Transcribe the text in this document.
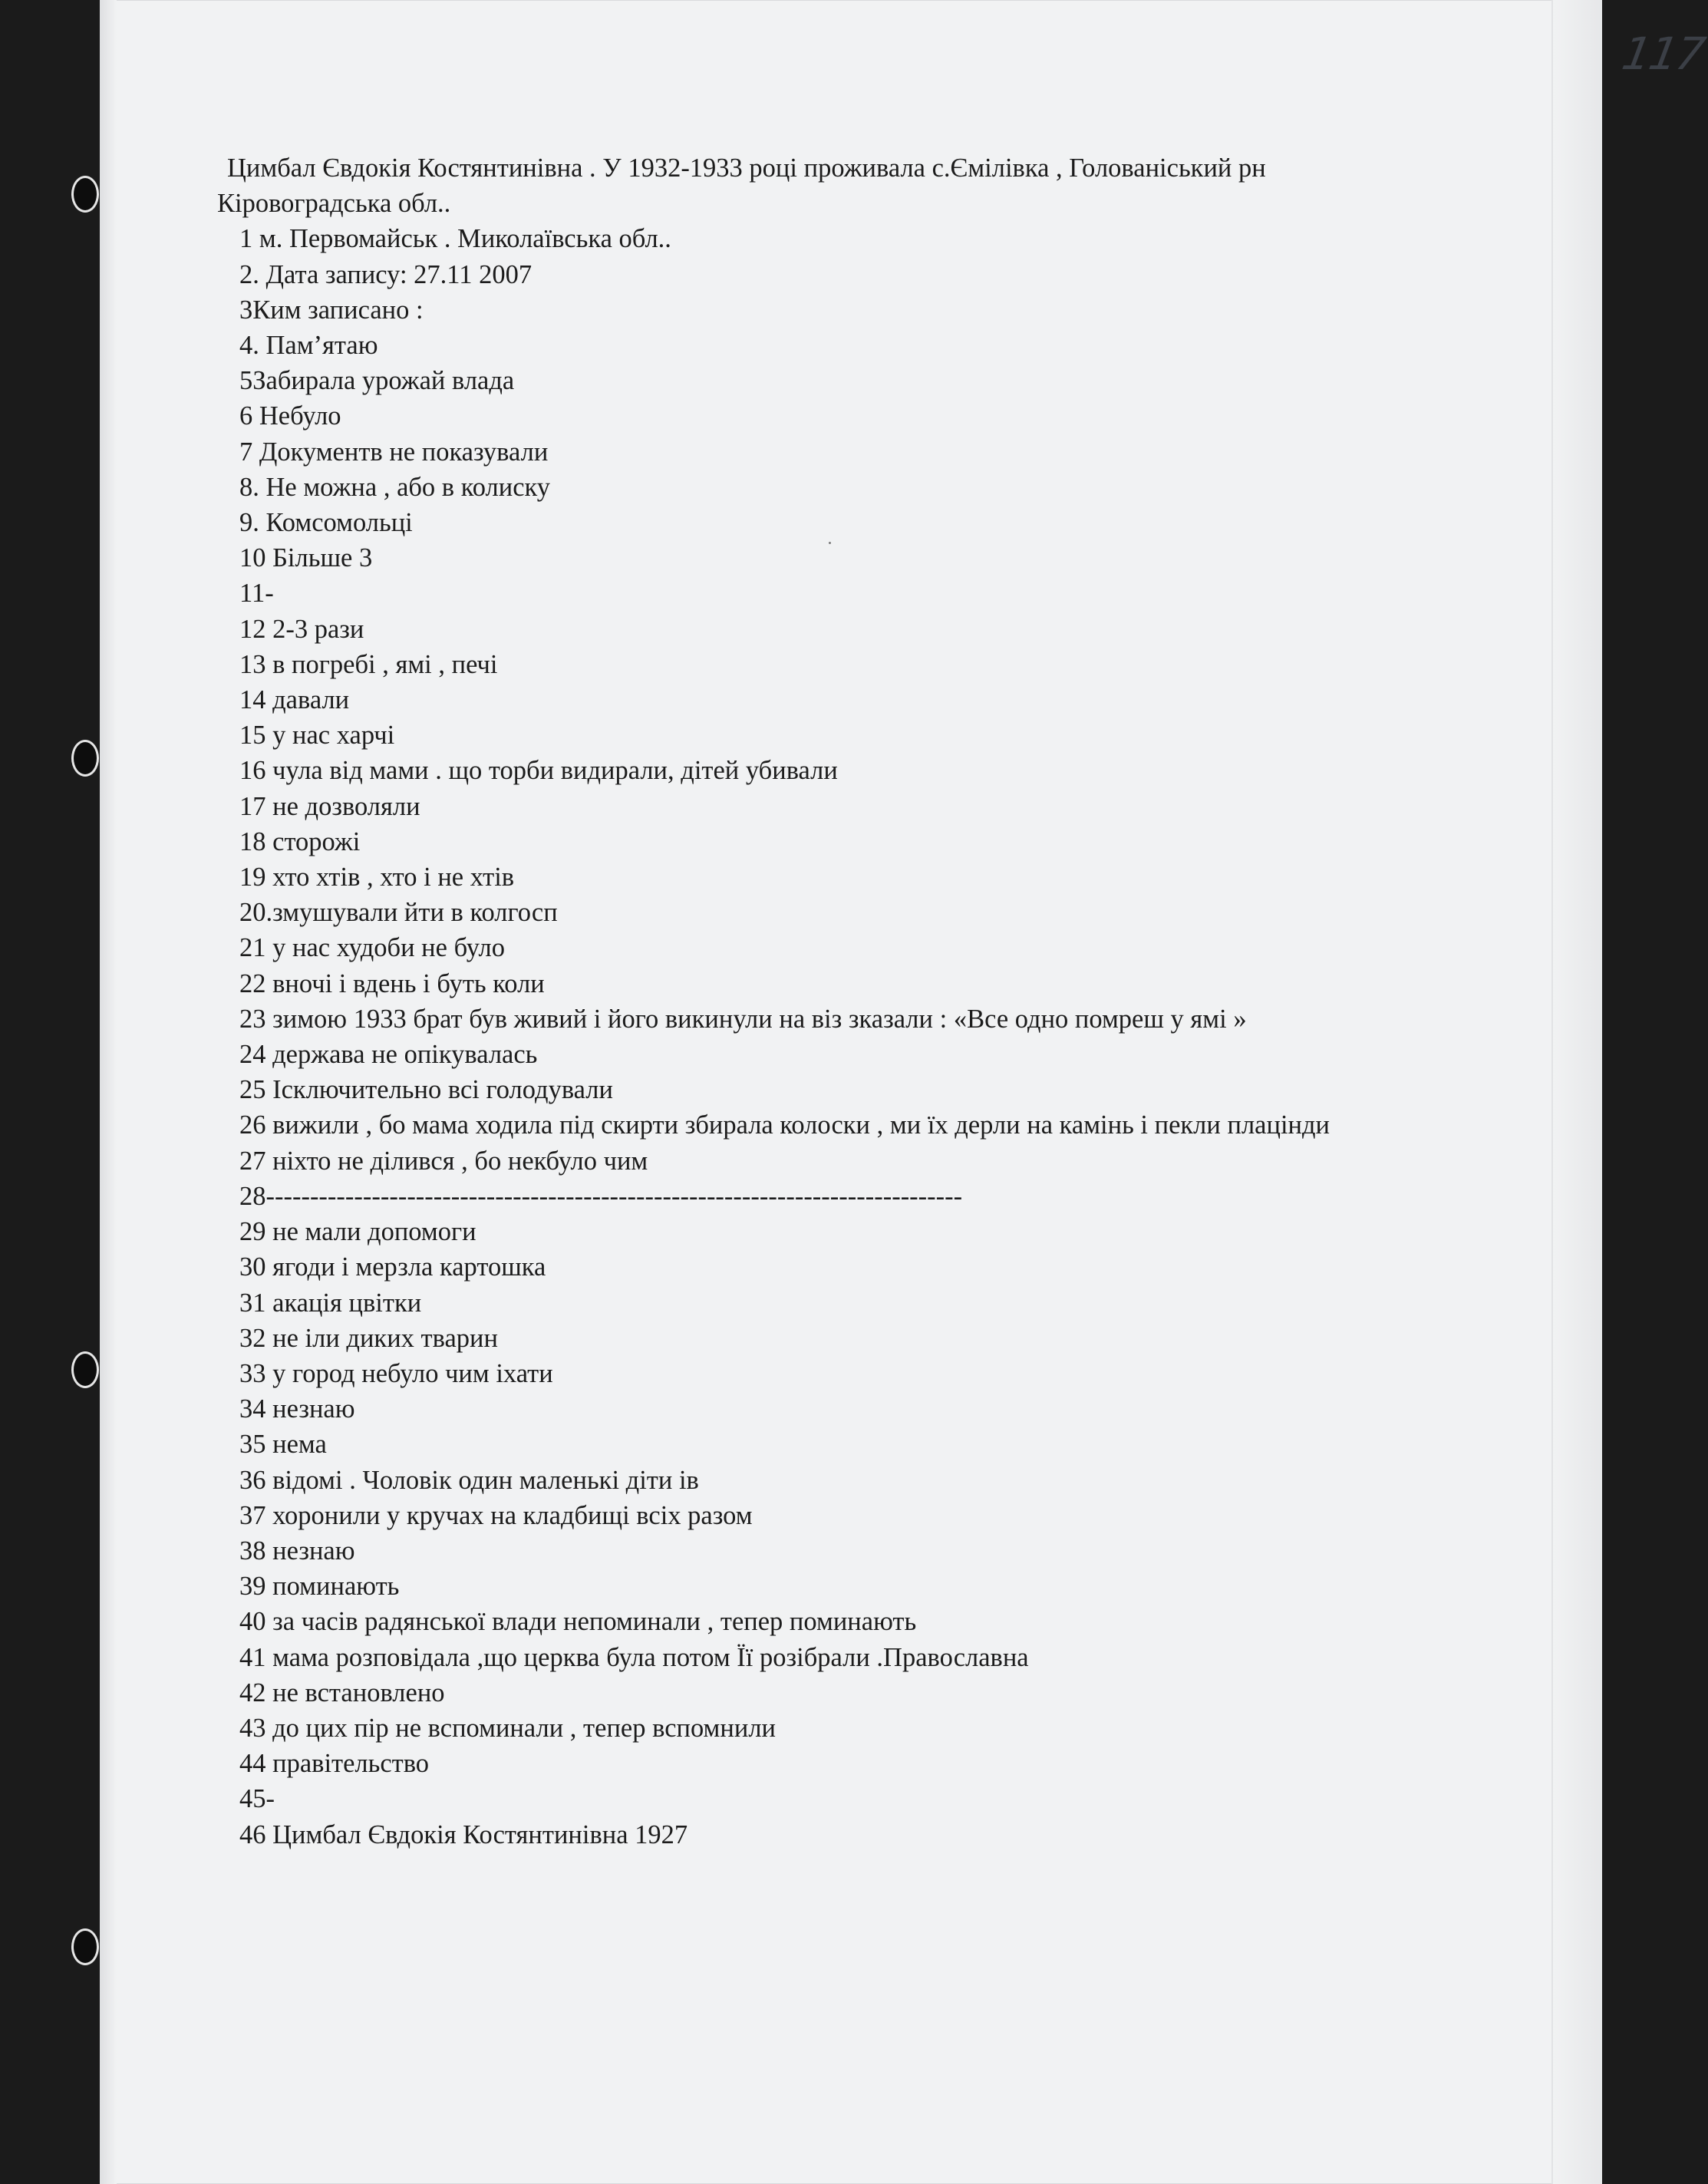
117
Цимбал Євдокія Костянтинівна . У 1932-1933 році проживала с.Ємілівка , Голованіський рн
Кіровоградська обл..
1 м. Первомайськ . Миколаївська обл..
2. Дата запису: 27.11 2007
3Ким записано :
4. Пам’ятаю
5Забирала урожай влада
6 Небуло
7 Документв не показували
8. Не можна , або в колиску
9. Комсомольці
10 Більше 3
11-
12 2-3 рази
13 в погребі , ямі , печі
14 давали
15 у нас харчі
16 чула від мами . що торби видирали, дітей убивали
17 не дозволяли
18 сторожі
19 хто хтів , хто і не хтів
20.змушували йти в колгосп
21 у нас худоби не було
22 вночі і вдень і буть коли
23 зимою 1933 брат був живий і його викинули на віз зказали : «Все одно помреш у ямі »
24 держава не опікувалась
25 Ісключительно всі голодували
26 вижили , бо мама ходила під скирти збирала колоски , ми їх дерли на камінь і пекли плацінди
27 ніхто не ділився , бо некбуло чим
28-------------------------------------------------------------------------------
29 не мали допомоги
30 ягоди і мерзла картошка
31 акація цвітки
32 не іли диких тварин
33 у город небуло чим іхати
34 незнаю
35 нема
36 відомі . Чоловік один маленькі діти ів
37 хоронили у кручах на кладбищі всіх разом
38 незнаю
39 поминають
40 за часів радянської влади непоминали , тепер поминають
41 мама розповідала ,що церква була потом Її розібрали .Православна
42 не встановлено
43 до цих пір не вспоминали , тепер вспомнили
44 правітельство
45-
46 Цимбал Євдокія Костянтинівна 1927
